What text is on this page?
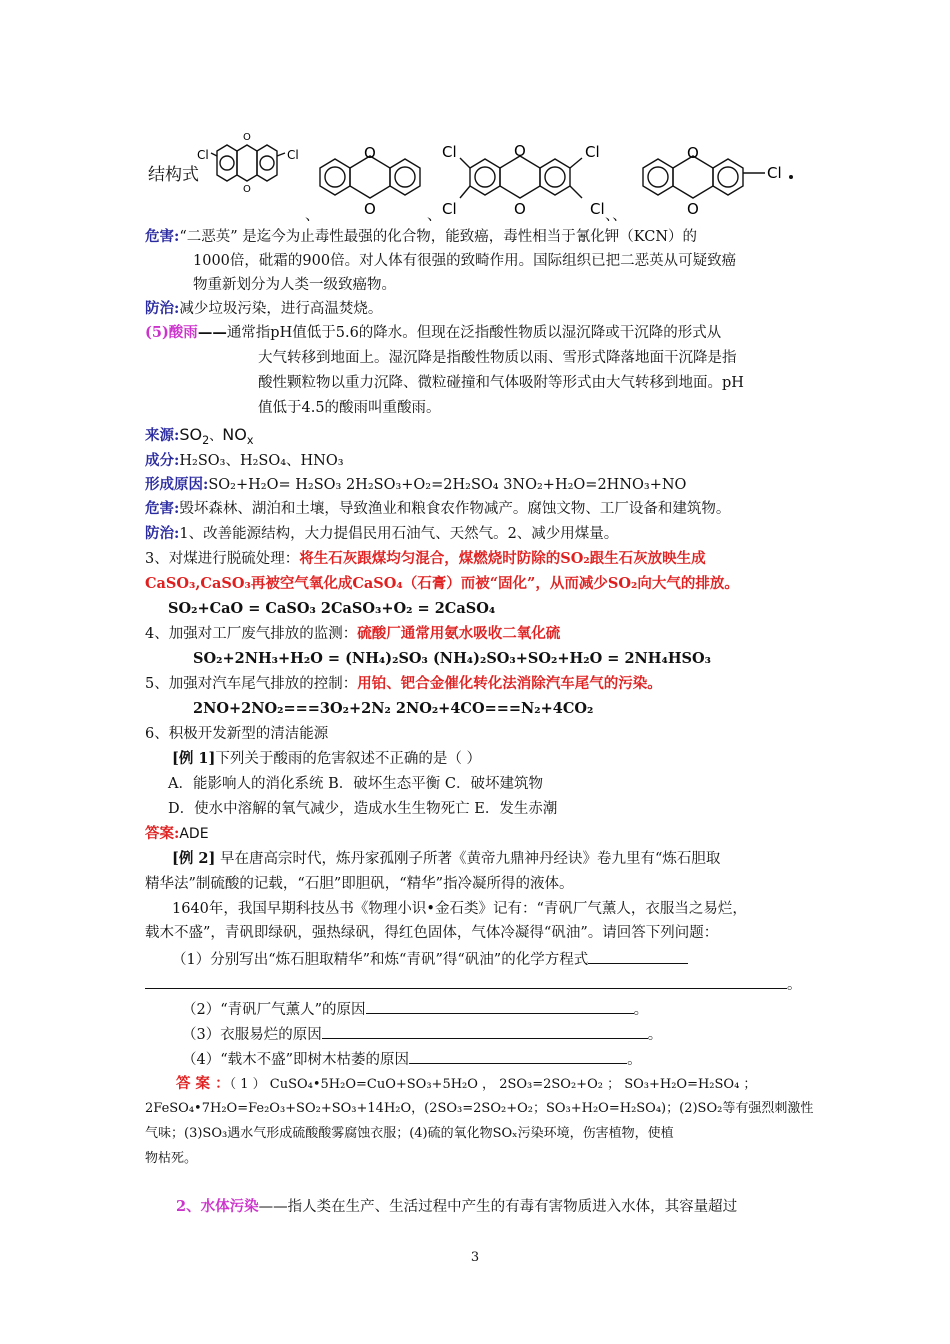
结构式
Cl	Cl
O
O
O
O
Cl
Cl
Cl
Cl
O
O
O
O
Cl
、	、	、、
危害:“二恶英” 是迄今为止毒性最强的化合物，能致癌，毒性相当于氰化钾（KCN）的
1000倍，砒霜的900倍。对人体有很强的致畸作用。国际组织已把二恶英从可疑致癌
物重新划分为人类一级致癌物。
防治:减少垃圾污染，进行高温焚烧。
(5)酸雨——通常指pH值低于5.6的降水。但现在泛指酸性物质以湿沉降或干沉降的形式从
大气转移到地面上。湿沉降是指酸性物质以雨、雪形式降落地面干沉降是指
酸性颗粒物以重力沉降、微粒碰撞和气体吸附等形式由大气转移到地面。pH
值低于4.5的酸雨叫重酸雨。
来源$:SO_2$、$NO_x$
成分:H₂SO₃、H₂SO₄、HNO₃
形成原因:SO₂+H₂O= H₂SO₃ 2H₂SO₃+O₂=2H₂SO₄ 3NO₂+H₂O=2HNO₃+NO
危害:毁坏森林、湖泊和土壤，导致渔业和粮食农作物减产。腐蚀文物、工厂设备和建筑物。
防治:1、改善能源结构，大力提倡民用石油气、天然气。2、减少用煤量。
3、对煤进行脱硫处理：将生石灰跟煤均匀混合，煤燃烧时防除的SO₂跟生石灰放映生成
CaSO₃,CaSO₃再被空气氧化成CaSO₄（石膏）而被“固化”，从而减少SO₂向大气的排放。
SO₂+CaO = CaSO₃ 2CaSO₃+O₂ = 2CaSO₄
4、加强对工厂废气排放的监测：硫酸厂通常用氨水吸收二氧化硫
SO₂+2NH₃+H₂O = (NH₄)₂SO₃ (NH₄)₂SO₃+SO₂+H₂O = 2NH₄HSO₃
5、加强对汽车尾气排放的控制：用铂、钯合金催化转化法消除汽车尾气的污染。
2NO+2NO₂===3O₂+2N₂ 2NO₂+4CO===N₂+4CO₂
6、积极开发新型的清洁能源
[例 1]下列关于酸雨的危害叙述不正确的是（ ）
A．能影响人的消化系统 B．破坏生态平衡 C．破坏建筑物
D．使水中溶解的氧气减少，造成水生生物死亡 E．发生赤潮
答案:ADE
[例 2] 早在唐高宗时代，炼丹家孤刚子所著《黄帝九鼎神丹经诀》卷九里有“炼石胆取
精华法”制硫酸的记载，“石胆”即胆矾，“精华”指冷凝所得的液体。
1640年，我国早期科技丛书《物理小识•金石类》记有：“青矾厂气薰人，衣服当之易烂，
载木不盛”，青矾即绿矾，强热绿矾，得红色固体，气体冷凝得“矾油”。请回答下列问题：
（1）分别写出“炼石胆取精华”和炼“青矾”得“矾油”的化学方程式
。
（2）“青矾厂气薰人”的原因	。
（3）衣服易烂的原因	。
（4）“载木不盛”即树木枯萎的原因	。
答 案 ：（ 1 ） CuSO₄•5H₂O=CuO+SO₃+5H₂O ， 2SO₃=2SO₂+O₂ ； SO₃+H₂O=H₂SO₄ ；
2FeSO₄•7H₂O=Fe₂O₃+SO₂+SO₃+14H₂O，(2SO₃=2SO₂+O₂；SO₃+H₂O=H₂SO₄)；(2)SO₂等有强烈刺激性
气味；(3)SO₃遇水气形成硫酸酸雾腐蚀衣服；(4)硫的氧化物SOₓ污染环境，伤害植物，使植
物枯死。
2、水体污染——指人类在生产、生活过程中产生的有毒有害物质进入水体，其容量超过
3
